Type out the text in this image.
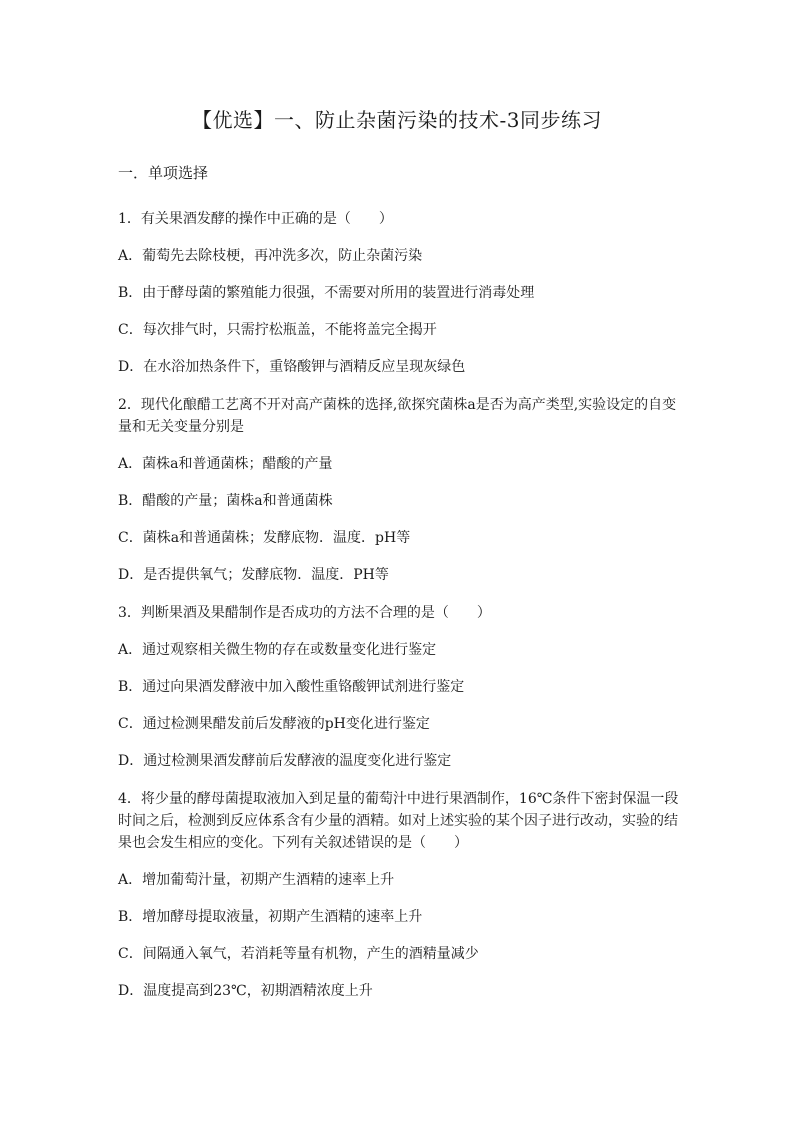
【优选】一、防止杂菌污染的技术-3同步练习
一．单项选择

1．有关果酒发酵的操作中正确的是（　　）

A．葡萄先去除枝梗，再冲洗多次，防止杂菌污染

B．由于酵母菌的繁殖能力很强，不需要对所用的装置进行消毒处理

C．每次排气时，只需拧松瓶盖，不能将盖完全揭开

D．在水浴加热条件下，重铬酸钾与酒精反应呈现灰绿色

2．现代化酿醋工艺离不开对高产菌株的选择,欲探究菌株a是否为高产类型,实验设定的自变量和无关变量分别是

A．菌株a和普通菌株；醋酸的产量

B．醋酸的产量；菌株a和普通菌株

C．菌株a和普通菌株；发酵底物．温度．pH等

D．是否提供氧气；发酵底物．温度．PH等

3．判断果酒及果醋制作是否成功的方法不合理的是（　　）

A．通过观察相关微生物的存在或数量变化进行鉴定

B．通过向果酒发酵液中加入酸性重铬酸钾试剂进行鉴定

C．通过检测果醋发前后发酵液的pH变化进行鉴定

D．通过检测果酒发酵前后发酵液的温度变化进行鉴定

4．将少量的酵母菌提取液加入到足量的葡萄汁中进行果酒制作，16℃条件下密封保温一段时间之后，检测到反应体系含有少量的酒精。如对上述实验的某个因子进行改动，实验的结果也会发生相应的变化。下列有关叙述错误的是（　　）

A．增加葡萄汁量，初期产生酒精的速率上升

B．增加酵母提取液量，初期产生酒精的速率上升

C．间隔通入氧气，若消耗等量有机物，产生的酒精量减少

D．温度提高到23℃，初期酒精浓度上升
